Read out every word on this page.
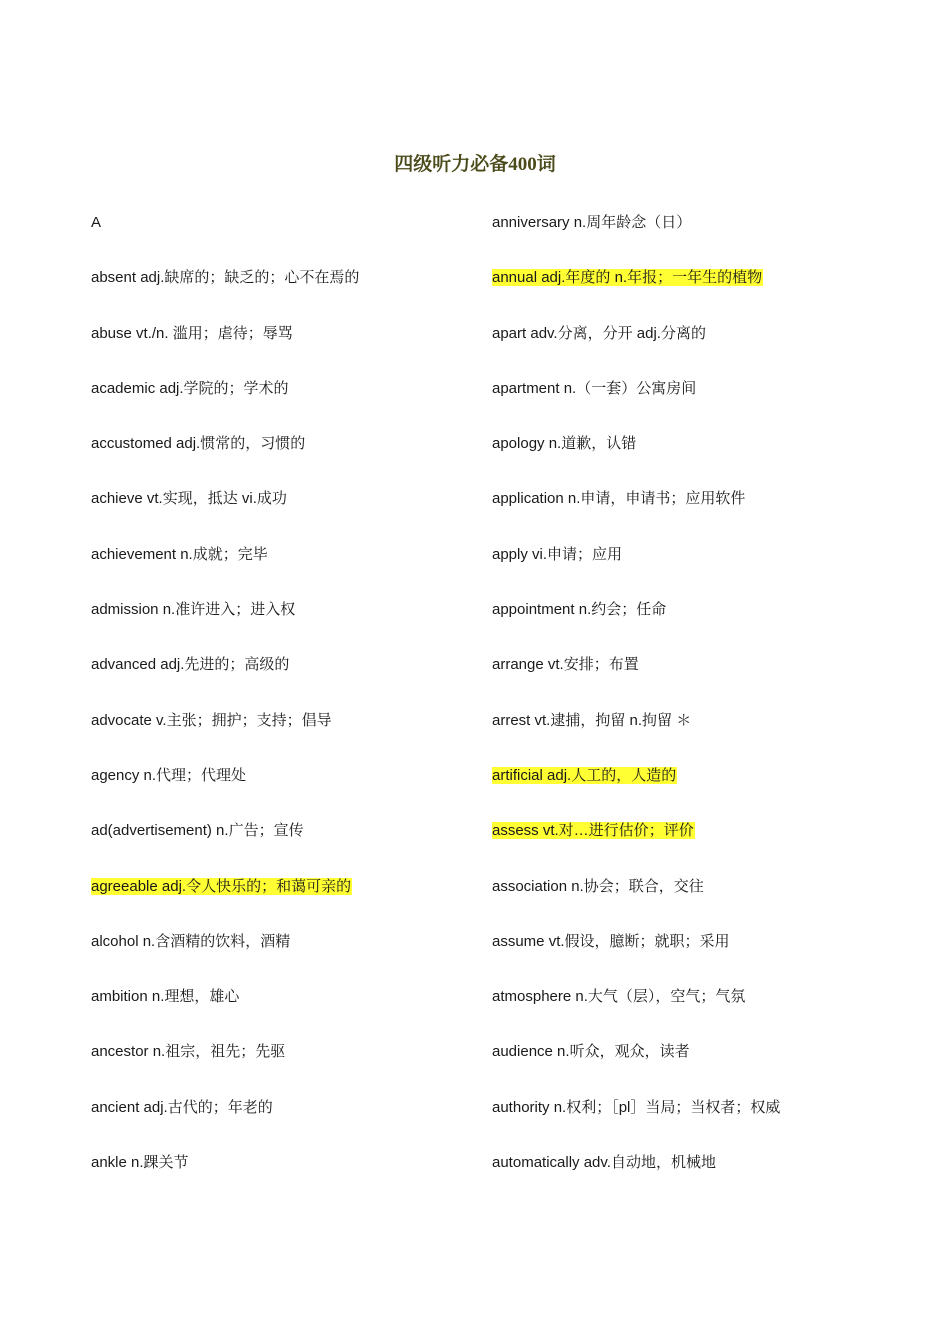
四级听力必备400词
A
absent adj.缺席的；缺乏的；心不在焉的
abuse vt./n. 滥用；虐待；辱骂
academic adj.学院的；学术的
accustomed adj.惯常的，习惯的
achieve vt.实现，抵达 vi.成功
achievement n.成就；完毕
admission n.准许进入；进入权
advanced adj.先进的；高级的
advocate v.主张；拥护；支持；倡导
agency n.代理；代理处
ad(advertisement) n.广告；宣传
agreeable adj.令人快乐的；和蔼可亲的
alcohol n.含酒精的饮料，酒精
ambition n.理想，雄心
ancestor n.祖宗，祖先；先驱
ancient adj.古代的；年老的
ankle n.踝关节
anniversary n.周年龄念（日）
annual adj.年度的 n.年报；一年生的植物
apart adv.分离，分开 adj.分离的
apartment n.（一套）公寓房间
apology n.道歉，认错
application n.申请，申请书；应用软件
apply vi.申请；应用
appointment n.约会；任命
arrange vt.安排；布置
arrest vt.逮捕，拘留 n.拘留 ＊
artificial adj.人工的，人造的
assess vt.对…进行估价；评价
association n.协会；联合，交往
assume vt.假设，臆断；就职；采用
atmosphere n.大气（层），空气；气氛
audience n.听众，观众，读者
authority n.权利；［pl］当局；当权者；权威
automatically adv.自动地，机械地
